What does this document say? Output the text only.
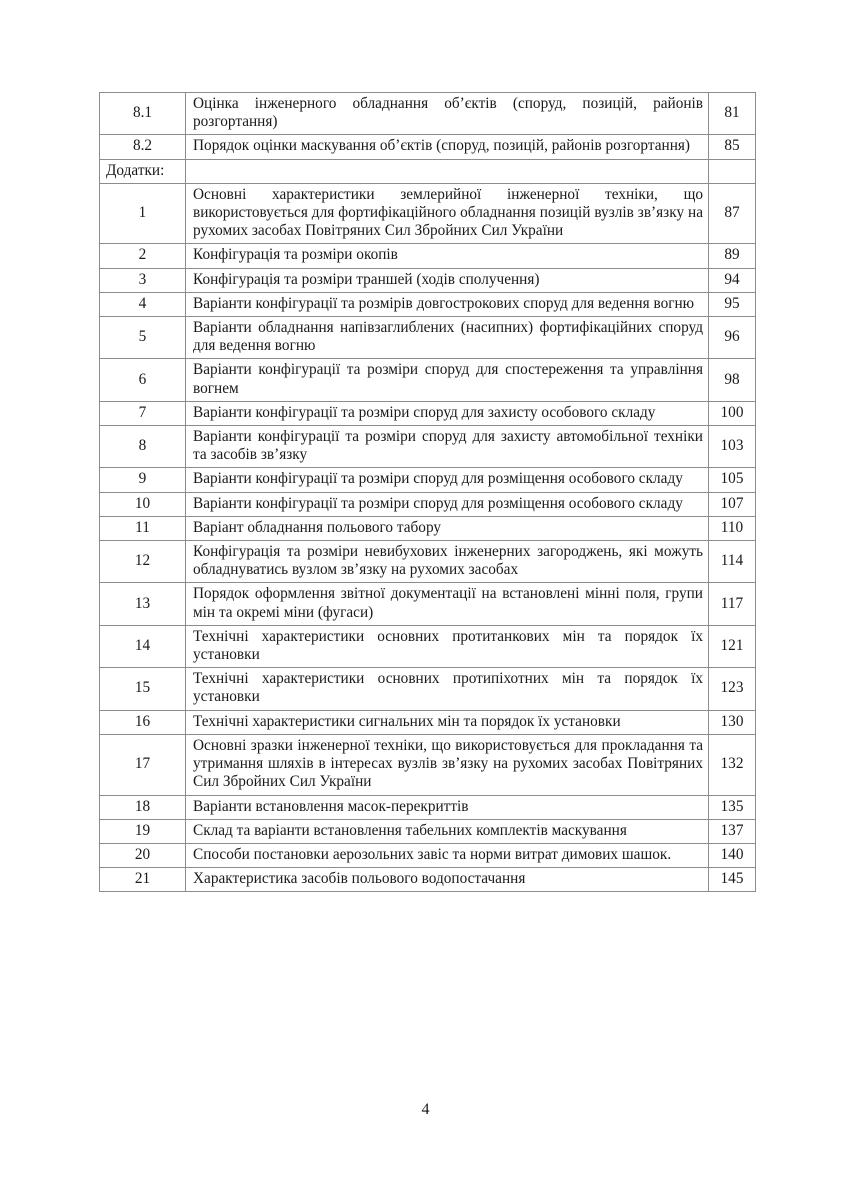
8.1	Оцінка інженерного обладнання об’єктів (споруд, позицій, районів розгортання)	81
8.2	Порядок оцінки маскування об’єктів (споруд, позицій, районів розгортання)	85
Додатки:		
1	Основні характеристики землерийної інженерної техніки, що використовується для фортифікаційного обладнання позицій вузлів зв’язку на рухомих засобах Повітряних Сил Збройних Сил України	87
2	Конфігурація та розміри окопів	89
3	Конфігурація та розміри траншей (ходів сполучення)	94
4	Варіанти конфігурації та розмірів довгострокових споруд для ведення вогню	95
5	Варіанти обладнання напівзаглиблених (насипних) фортифікаційних споруд для ведення вогню	96
6	Варіанти конфігурації та розміри споруд для спостереження та управління вогнем	98
7	Варіанти конфігурації та розміри споруд для захисту особового складу	100
8	Варіанти конфігурації та розміри споруд для захисту автомобільної техніки та засобів зв’язку	103
9	Варіанти конфігурації та розміри споруд для розміщення особового складу	105
10	Варіанти конфігурації та розміри споруд для розміщення особового складу	107
11	Варіант обладнання польового табору	110
12	Конфігурація та розміри невибухових інженерних загороджень, які можуть обладнуватись вузлом зв’язку на рухомих засобах	114
13	Порядок оформлення звітної документації на встановлені мінні поля, групи мін та окремі міни (фугаси)	117
14	Технічні характеристики основних протитанкових мін та порядок їх установки	121
15	Технічні характеристики основних протипіхотних мін та порядок їх установки	123
16	Технічні характеристики сигнальних мін та порядок їх установки	130
17	Основні зразки інженерної техніки, що використовується для прокладання та утримання шляхів в інтересах вузлів зв’язку на рухомих засобах Повітряних Сил Збройних Сил України	132
18	Варіанти встановлення масок-перекриттів	135
19	Склад та варіанти встановлення табельних комплектів маскування	137
20	Способи постановки аерозольних завіс та норми витрат димових шашок.	140
21	Характеристика засобів польового водопостачання	145
4
